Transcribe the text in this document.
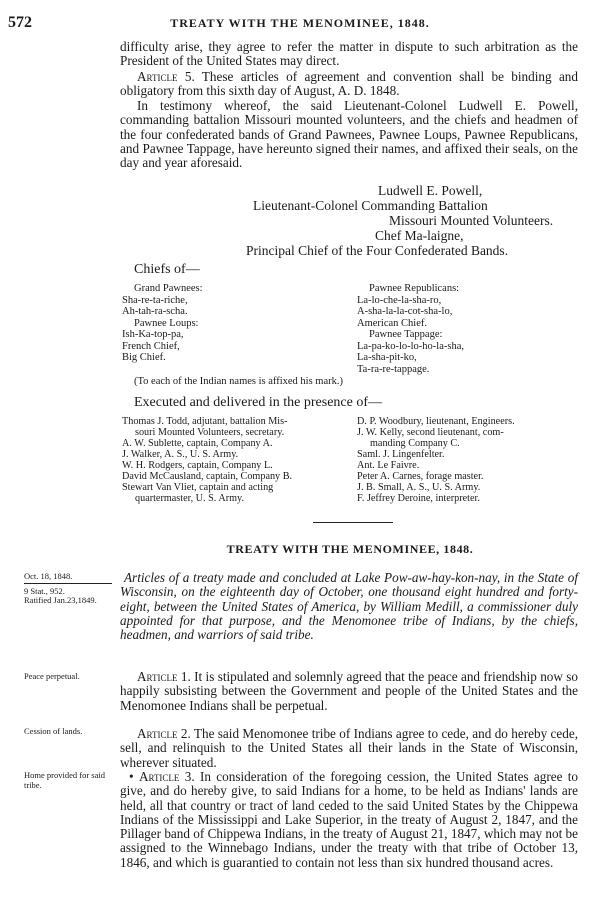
572	TREATY WITH THE MENOMINEE, 1848.
difficulty arise, they agree to refer the matter in dispute to such arbitration as the President of the United States may direct.
Article 5. These articles of agreement and convention shall be binding and obligatory from this sixth day of August, A. D. 1848.
In testimony whereof, the said Lieutenant-Colonel Ludwell E. Powell, commanding battalion Missouri mounted volunteers, and the chiefs and headmen of the four confederated bands of Grand Pawnees, Pawnee Loups, Pawnee Republicans, and Pawnee Tappage, have hereunto signed their names, and affixed their seals, on the day and year aforesaid.
Ludwell E. Powell,
Lieutenant-Colonel Commanding Battalion
Missouri Mounted Volunteers.
Chef Ma-laigne,
Principal Chief of the Four Confederated Bands.
Chiefs of—
Grand Pawnees:
Sha-re-ta-riche,
Ah-tah-ra-scha.
Pawnee Loups:
Ish-Ka-top-pa,
French Chief,
Big Chief.
Pawnee Republicans:
La-lo-che-la-sha-ro,
A-sha-la-la-cot-sha-lo,
American Chief.
Pawnee Tappage:
La-pa-ko-lo-lo-ho-la-sha,
La-sha-pit-ko,
Ta-ra-re-tappage.
(To each of the Indian names is affixed his mark.)
Executed and delivered in the presence of—
Thomas J. Todd, adjutant, battalion Mis-
souri Mounted Volunteers, secretary.
A. W. Sublette, captain, Company A.
J. Walker, A. S., U. S. Army.
W. H. Rodgers, captain, Company L.
David McCausland, captain, Company B.
Stewart Van Vliet, captain and acting
quartermaster, U. S. Army.
D. P. Woodbury, lieutenant, Engineers.
J. W. Kelly, second lieutenant, com-
manding Company C.
Saml. J. Lingenfelter.
Ant. Le Faivre.
Peter A. Carnes, forage master.
J. B. Small, A. S., U. S. Army.
F. Jeffrey Deroine, interpreter.
TREATY WITH THE MENOMINEE, 1848.
Oct. 18, 1848.
9 Stat., 952.
Ratified Jan.23,1849.
Articles of a treaty made and concluded at Lake Pow-aw-hay-kon-nay, in the State of Wisconsin, on the eighteenth day of October, one thousand eight hundred and forty-eight, between the United States of America, by William Medill, a commissioner duly appointed for that purpose, and the Menomonee tribe of Indians, by the chiefs, headmen, and warriors of said tribe.
Peace perpetual.	Article 1. It is stipulated and solemnly agreed that the peace and friendship now so happily subsisting between the Government and people of the United States and the Menomonee Indians shall be perpetual.
Cession of lands.	Article 2. The said Menomonee tribe of Indians agree to cede, and do hereby cede, sell, and relinquish to the United States all their lands in the State of Wisconsin, wherever situated.
Home provided for said tribe.
• Article 3. In consideration of the foregoing cession, the United States agree to give, and do hereby give, to said Indians for a home, to be held as Indians' lands are held, all that country or tract of land ceded to the said United States by the Chippewa Indians of the Mississippi and Lake Superior, in the treaty of August 2, 1847, and the Pillager band of Chippewa Indians, in the treaty of August 21, 1847, which may not be assigned to the Winnebago Indians, under the treaty with that tribe of October 13, 1846, and which is guarantied to contain not less than six hundred thousand acres.
